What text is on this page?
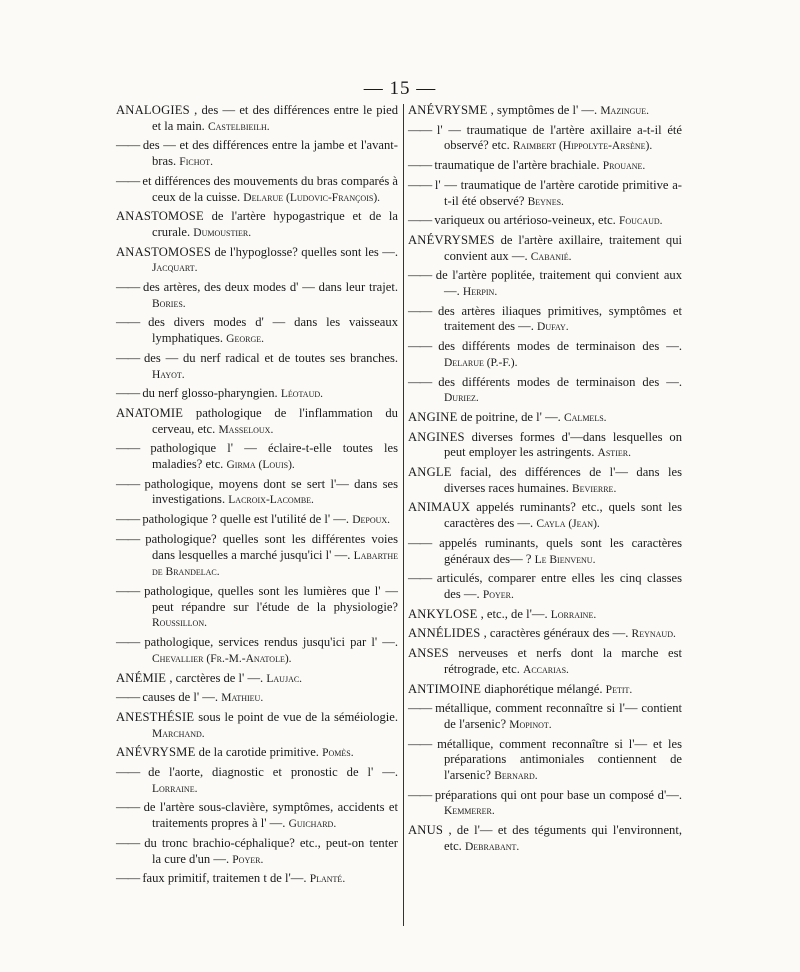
— 15 —
ANALOGIES , des — et des différences entre le pied et la main. Castelbieilh.
—— des — et des différences entre la jambe et l'avant-bras. Fichot.
—— et différences des mouvements du bras comparés à ceux de la cuisse. Delarue (Ludovic-François).
ANASTOMOSE de l'artère hypogastrique et de la crurale. Dumoustier.
ANASTOMOSES de l'hypoglosse? quelles sont les —. Jacquart.
—— des artères, des deux modes d' — dans leur trajet. Bories.
—— des divers modes d' — dans les vaisseaux lymphatiques. George.
—— des — du nerf radical et de toutes ses branches. Hayot.
—— du nerf glosso-pharyngien. Léotaud.
ANATOMIE pathologique de l'inflammation du cerveau, etc. Masseloux.
—— pathologique l' — éclaire-t-elle toutes les maladies? etc. Girma (Louis).
—— pathologique, moyens dont se sert l'— dans ses investigations. Lacroix-Lacombe.
—— pathologique ? quelle est l'utilité de l' —. Depoux.
—— pathologique? quelles sont les différentes voies dans lesquelles a marché jusqu'ici l' —. Labarthe de Brandelac.
—— pathologique, quelles sont les lumières que l' — peut répandre sur l'étude de la physiologie? Roussillon.
—— pathologique, services rendus jusqu'ici par l' —. Chevallier (Fr.-M.-Anatole).
ANÉMIE , carctères de l' —. Laujac.
—— causes de l' —. Mathieu.
ANESTHÉSIE sous le point de vue de la séméiologie. Marchand.
ANÉVRYSME de la carotide primitive. Pomès.
—— de l'aorte, diagnostic et pronostic de l' —. Lorraine.
—— de l'artère sous-clavière, symptômes, accidents et traitements propres à l' —. Guichard.
—— du tronc brachio-céphalique? etc., peut-on tenter la cure d'un —. Poyer.
—— faux primitif, traitemen t de l'—. Planté.
ANÉVRYSME , symptômes de l' —. Mazingue.
—— l' — traumatique de l'artère axillaire a-t-il été observé? etc. Raimbert (Hippolyte-Arsène).
—— traumatique de l'artère brachiale. Prouane.
—— l' — traumatique de l'artère carotide primitive a-t-il été observé? Beynes.
—— variqueux ou artérioso-veineux, etc. Foucaud.
ANÉVRYSMES de l'artère axillaire, traitement qui convient aux —. Cabanié.
—— de l'artère poplitée, traitement qui convient aux —. Herpin.
—— des artères iliaques primitives, symptômes et traitement des —. Dufay.
—— des différents modes de terminaison des —. Delarue (P.-F.).
—— des différents modes de terminaison des —. Duriez.
ANGINE de poitrine, de l' —. Calmels.
ANGINES diverses formes d'—dans lesquelles on peut employer les astringents. Astier.
ANGLE facial, des différences de l'— dans les diverses races humaines. Bevierre.
ANIMAUX appelés ruminants? etc., quels sont les caractères des —. Cayla (Jean).
—— appelés ruminants, quels sont les caractères généraux des— ? Le Bienvenu.
—— articulés, comparer entre elles les cinq classes des —. Poyer.
ANKYLOSE , etc., de l'—. Lorraine.
ANNÉLIDES , caractères généraux des —. Reynaud.
ANSES nerveuses et nerfs dont la marche est rétrograde, etc. Accarias.
ANTIMOINE diaphorétique mélangé. Petit.
—— métallique, comment reconnaître si l'— contient de l'arsenic? Mopinot.
—— métallique, comment reconnaître si l'— et les préparations antimoniales contiennent de l'arsenic? Bernard.
—— préparations qui ont pour base un composé d'—. Kemmerer.
ANUS , de l'— et des téguments qui l'environnent, etc. Debrabant.
